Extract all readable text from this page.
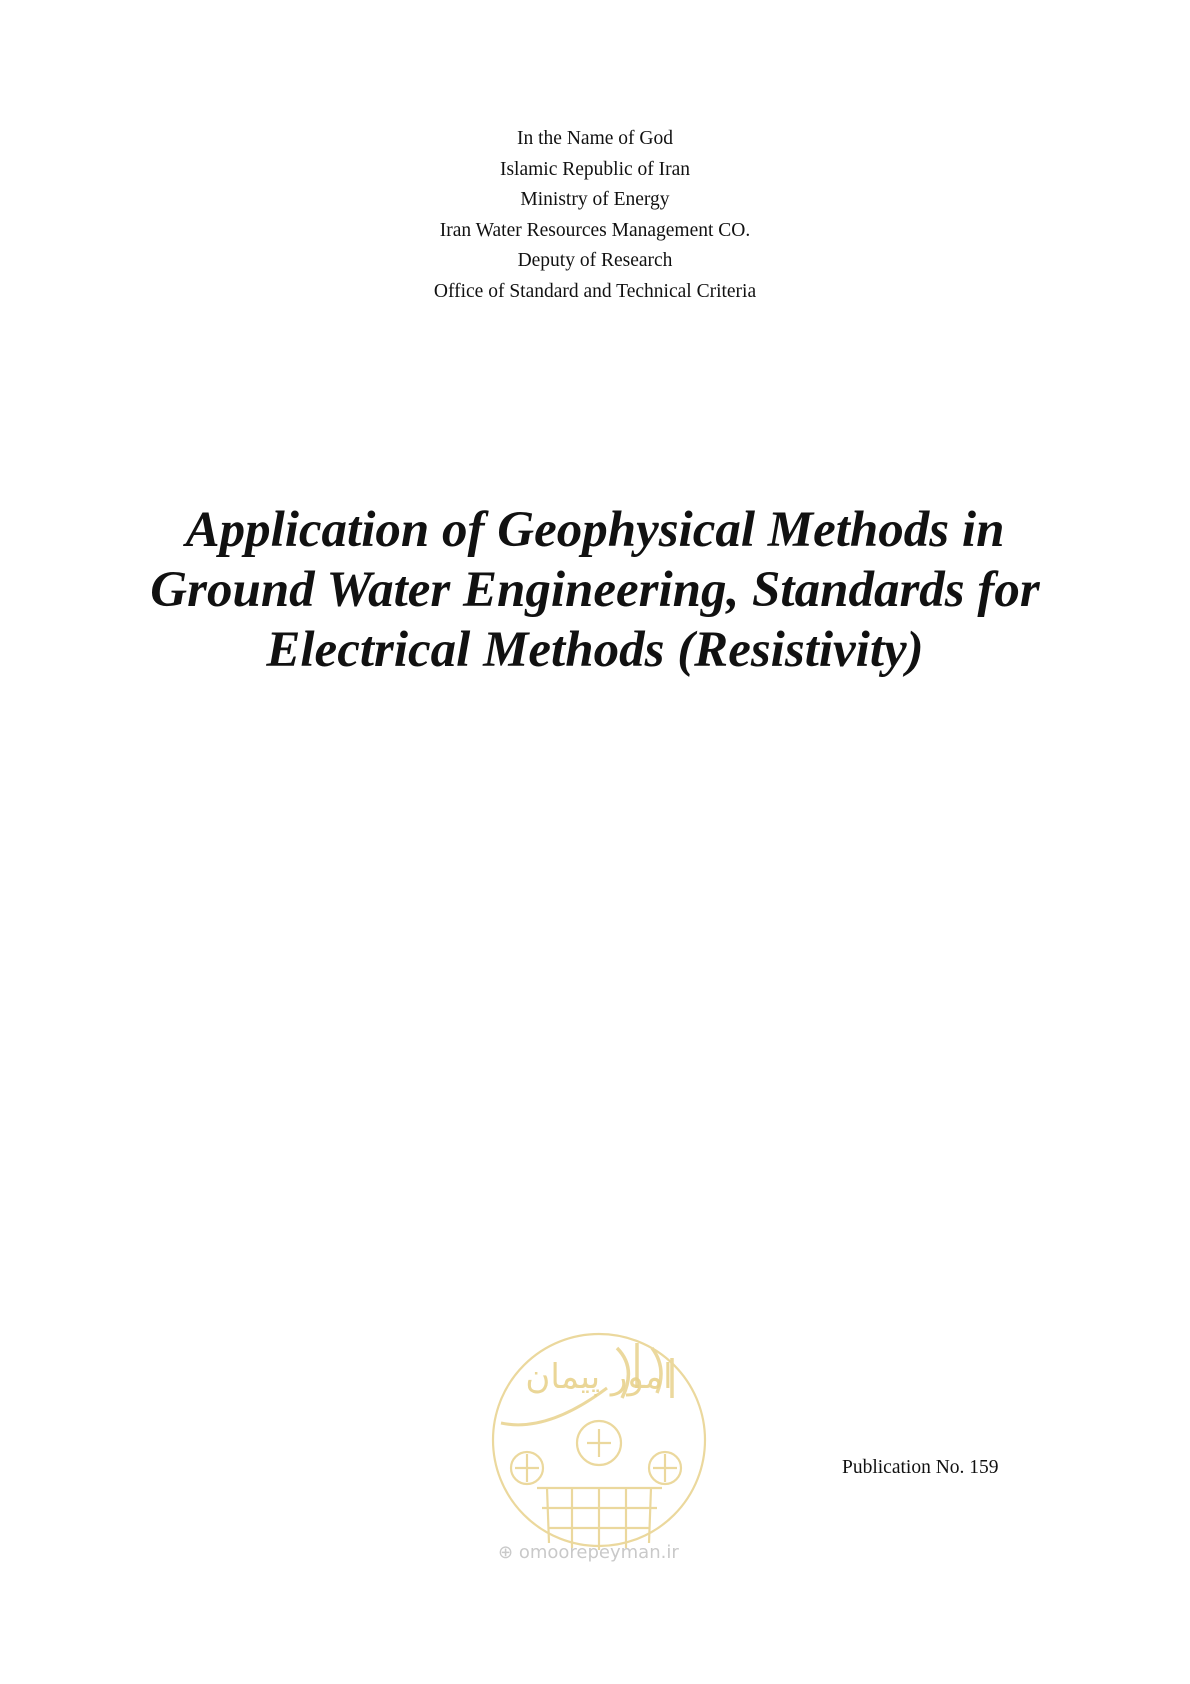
In the Name of God
Islamic Republic of Iran
Ministry of Energy
Iran Water Resources Management CO.
Deputy of Research
Office of Standard and Technical Criteria
Application of Geophysical Methods in
Ground Water Engineering, Standards for
Electrical Methods (Resistivity)
امور پیمان
⊕ omoorepeyman.ir
Publication No. 159
